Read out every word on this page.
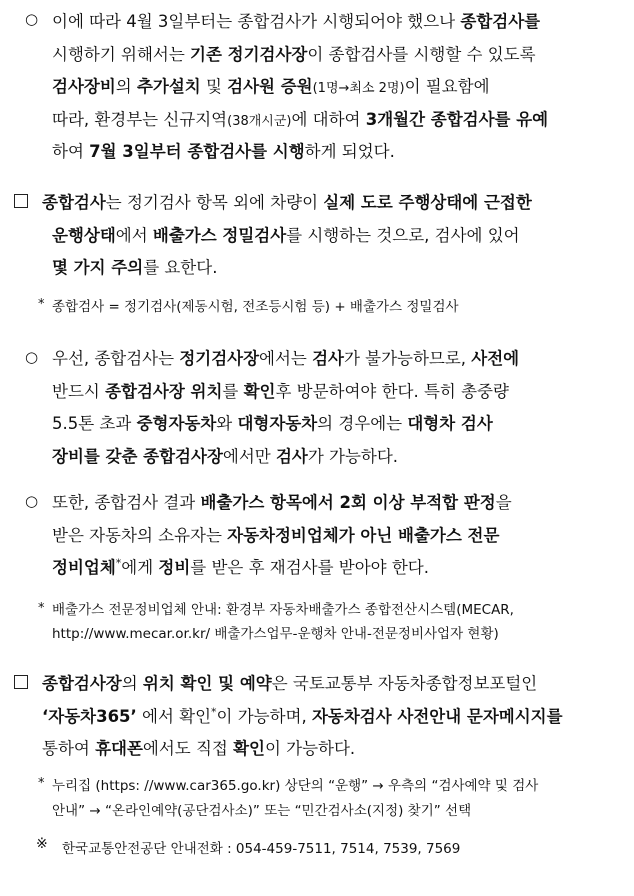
○ 이에 따라 4월 3일부터는 종합검사가 시행되어야 했으나 종합검사를
시행하기 위해서는 기존 정기검사장이 종합검사를 시행할 수 있도록
검사장비의 추가설치 및 검사원 증원(1명→최소 2명)이 필요함에
따라, 환경부는 신규지역(38개시군)에 대하여 3개월간 종합검사를 유예
하여 7월 3일부터 종합검사를 시행하게 되었다.
종합검사는 정기검사 항목 외에 차량이 실제 도로 주행상태에 근접한
운행상태에서 배출가스 정밀검사를 시행하는 것으로, 검사에 있어
몇 가지 주의를 요한다.
* 종합검사 = 정기검사(제동시험, 전조등시험 등) + 배출가스 정밀검사
○ 우선, 종합검사는 정기검사장에서는 검사가 불가능하므로, 사전에
반드시 종합검사장 위치를 확인후 방문하여야 한다. 특히 총중량
5.5톤 초과 중형자동차와 대형자동차의 경우에는 대형차 검사
장비를 갖춘 종합검사장에서만 검사가 가능하다.
○ 또한, 종합검사 결과 배출가스 항목에서 2회 이상 부적합 판정을
받은 자동차의 소유자는 자동차정비업체가 아닌 배출가스 전문
정비업체*에게 정비를 받은 후 재검사를 받아야 한다.
* 배출가스 전문정비업체 안내: 환경부 자동차배출가스 종합전산시스템(MECAR,
http://www.mecar.or.kr/ 배출가스업무-운행차 안내-전문정비사업자 현황)
종합검사장의 위치 확인 및 예약은 국토교통부 자동차종합정보포털인
‘자동차365’ 에서 확인*이 가능하며, 자동차검사 사전안내 문자메시지를
통하여 휴대폰에서도 직접 확인이 가능하다.
* 누리집 (https: //www.car365.go.kr) 상단의 “운행” → 우측의 “검사예약 및 검사
안내” → “온라인예약(공단검사소)” 또는 “민간검사소(지정) 찾기” 선택
※ 한국교통안전공단 안내전화 : 054-459-7511, 7514, 7539, 7569
